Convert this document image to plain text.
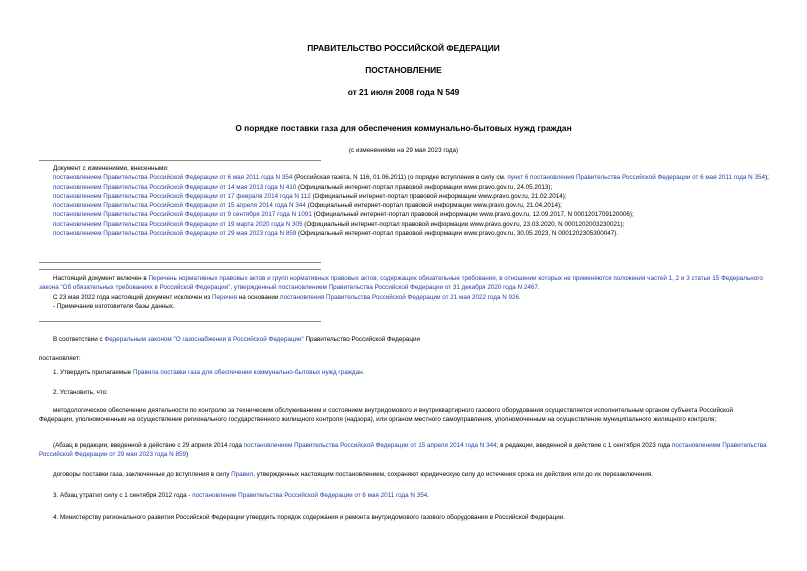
ПРАВИТЕЛЬСТВО РОССИЙСКОЙ ФЕДЕРАЦИИ
ПОСТАНОВЛЕНИЕ
от 21 июля 2008 года N 549
О порядке поставки газа для обеспечения коммунально-бытовых нужд граждан
(с изменениями на 29 мая 2023 года)

Документ с изменениями, внесенными:

постановлением Правительства Российской Федерации от 6 мая 2011 года N 354 (Российская газета, N 116, 01.06.2011) (о порядке вступления в силу см. пункт 6 постановления Правительства Российской Федерации от 6 мая 2011 года N 354);

постановлением Правительства Российской Федерации от 14 мая 2013 года N 410 (Официальный интернет-портал правовой информации www.pravo.gov.ru, 24.05.2013);

постановлением Правительства Российской Федерации от 17 февраля 2014 года N 112 (Официальный интернет-портал правовой информации www.pravo.gov.ru, 21.02.2014);

постановлением Правительства Российской Федерации от 15 апреля 2014 года N 344 (Официальный интернет-портал правовой информации www.pravo.gov.ru, 21.04.2014);

постановлением Правительства Российской Федерации от 9 сентября 2017 года N 1091 (Официальный интернет-портал правовой информации www.pravo.gov.ru, 12.09.2017, N 0001201709120006);

постановлением Правительства Российской Федерации от 19 марта 2020 года N 305 (Официальный интернет-портал правовой информации www.pravo.gov.ru, 23.03.2020, N 0001202003230021);

постановлением Правительства Российской Федерации от 29 мая 2023 года N 859 (Официальный интернет-портал правовой информации www.pravo.gov.ru, 30.05.2023, N 0001202305300047).

Настоящий документ включен в Перечень нормативных правовых актов и групп нормативных правовых актов, содержащих обязательные требования, в отношении которых не применяются положения частей 1, 2 и 3 статьи 15 Федерального закона "Об обязательных требованиях в Российской Федерации", утвержденный постановлением Правительства Российской Федерации от 31 декабря 2020 года N 2467.

С 23 мая 2022 года настоящий документ исключен из Перечня на основании постановления Правительства Российской Федерации от 21 мая 2022 года N 926.

- Примечание изготовителя базы данных.

В соответствии с Федеральным законом "О газоснабжении в Российской Федерации" Правительство Российской Федерации

постановляет:

1. Утвердить прилагаемые Правила поставки газа для обеспечения коммунально-бытовых нужд граждан.

2. Установить, что:

методологическое обеспечение деятельности по контролю за техническим обслуживанием и состоянием внутридомового и внутриквартирного газового оборудования осуществляется исполнительным органом субъекта Российской Федерации, уполномоченным на осуществление регионального государственного жилищного контроля (надзора), или органом местного самоуправления, уполномоченным на осуществление муниципального жилищного контроля;

(Абзац в редакции, введенной в действие с 29 апреля 2014 года постановлением Правительства Российской Федерации от 15 апреля 2014 года N 344; в редакции, введенной в действие с 1 сентября 2023 года постановлением Правительства Российской Федерации от 29 мая 2023 года N 859)

договоры поставки газа, заключенные до вступления в силу Правил, утвержденных настоящим постановлением, сохраняют юридическую силу до истечения срока их действия или до их перезаключения.

3. Абзац утратил силу с 1 сентября 2012 года - постановление Правительства Российской Федерации от 6 мая 2011 года N 354.

4. Министерству регионального развития Российской Федерации утвердить порядок содержания и ремонта внутридомового газового оборудования в Российской Федерации.
